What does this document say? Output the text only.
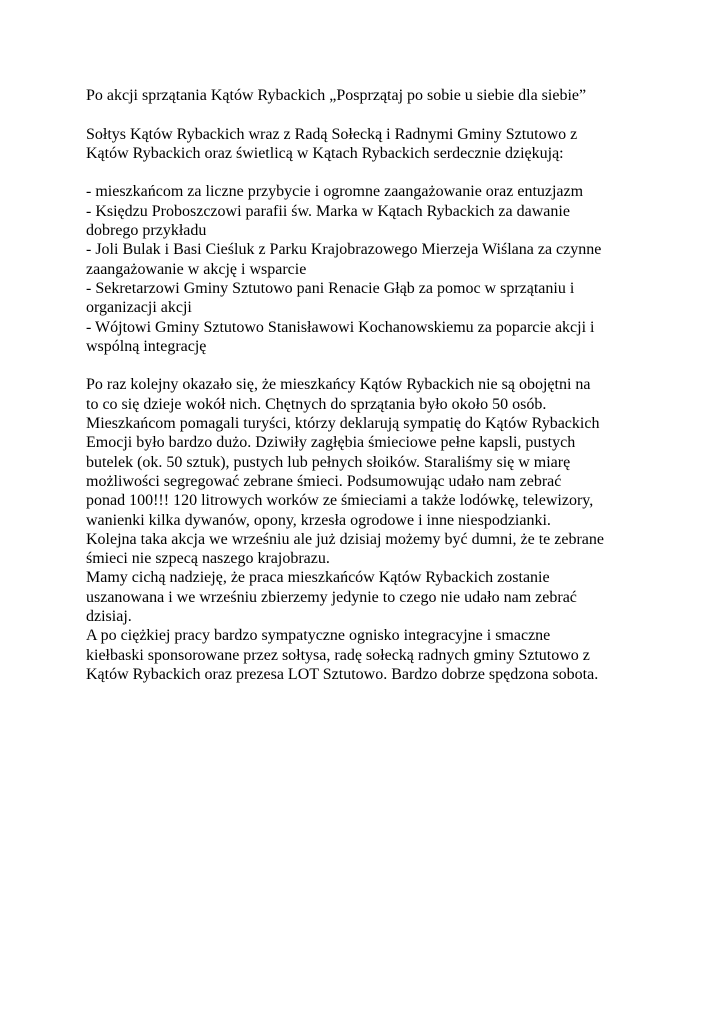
Po akcji sprzątania Kątów Rybackich „Posprzątaj po sobie u siebie dla siebie”
Sołtys Kątów Rybackich wraz z Radą Sołecką i Radnymi Gminy Sztutowo z
Kątów Rybackich oraz świetlicą w Kątach Rybackich serdecznie dziękują:
- mieszkańcom za liczne przybycie i ogromne zaangażowanie oraz entuzjazm
- Księdzu Proboszczowi parafii św. Marka w Kątach Rybackich za dawanie
dobrego przykładu
- Joli Bulak i Basi Cieśluk z Parku Krajobrazowego Mierzeja Wiślana za czynne
zaangażowanie w akcję i wsparcie
- Sekretarzowi Gminy Sztutowo pani Renacie Głąb za pomoc w sprzątaniu i
organizacji akcji
- Wójtowi Gminy Sztutowo Stanisławowi Kochanowskiemu za poparcie akcji i
wspólną integrację
Po raz kolejny okazało się, że mieszkańcy Kątów Rybackich nie są obojętni na
to co się dzieje wokół nich. Chętnych do sprzątania było około 50 osób.
Mieszkańcom pomagali turyści, którzy deklarują sympatię do Kątów Rybackich
Emocji było bardzo dużo. Dziwiły zagłębia śmieciowe pełne kapsli, pustych
butelek (ok. 50 sztuk), pustych lub pełnych słoików. Staraliśmy się w miarę
możliwości segregować zebrane śmieci. Podsumowując udało nam zebrać
ponad 100!!! 120 litrowych worków ze śmieciami a także lodówkę, telewizory,
wanienki kilka dywanów, opony, krzesła ogrodowe i inne niespodzianki.
Kolejna taka akcja we wrześniu ale już dzisiaj możemy być dumni, że te zebrane
śmieci nie szpecą naszego krajobrazu.
Mamy cichą nadzieję, że praca mieszkańców Kątów Rybackich zostanie
uszanowana i we wrześniu zbierzemy jedynie to czego nie udało nam zebrać
dzisiaj.
A po ciężkiej pracy bardzo sympatyczne ognisko integracyjne i smaczne
kiełbaski sponsorowane przez sołtysa, radę sołecką radnych gminy Sztutowo z
Kątów Rybackich oraz prezesa LOT Sztutowo. Bardzo dobrze spędzona sobota.
